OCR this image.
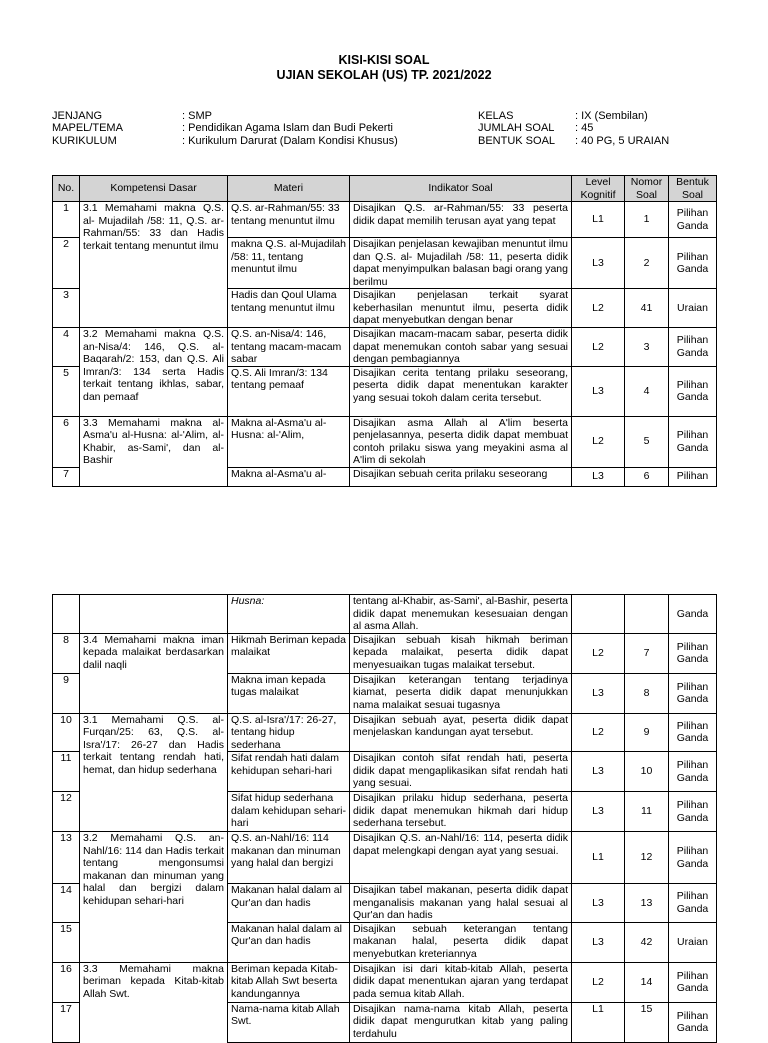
KISI-KISI SOAL
UJIAN SEKOLAH (US) TP. 2021/2022
JENJANG	: SMP
MAPEL/TEMA	: Pendidikan Agama Islam dan Budi Pekerti
KURIKULUM	: Kurikulum Darurat (Dalam Kondisi Khusus)
KELAS	: IX (Sembilan)
JUMLAH SOAL : 45
BENTUK SOAL : 40 PG, 5 URAIAN
No.	Kompetensi Dasar	Materi	Indikator Soal	Level Kognitif	Nomor Soal	Bentuk Soal
1	3.1 Memahami makna Q.S. al- Mujadilah /58: 11, Q.S. ar-Rahman/55: 33 dan Hadis terkait tentang menuntut ilmu	Q.S. ar-Rahman/55: 33 tentang menuntut ilmu	Disajikan Q.S. ar-Rahman/55: 33 peserta didik dapat memilih terusan ayat yang tepat	L1	1	Pilihan Ganda
2		makna Q.S. al-Mujadilah /58: 11, tentang menuntut ilmu	Disajikan penjelasan kewajiban menuntut ilmu dan Q.S. al- Mujadilah /58: 11, peserta didik dapat menyimpulkan balasan bagi orang yang berilmu	L3	2	Pilihan Ganda
3		Hadis dan Qoul Ulama tentang menuntut ilmu	Disajikan penjelasan terkait syarat keberhasilan menuntut ilmu, peserta didik dapat menyebutkan dengan benar	L2	41	Uraian
4	3.2 Memahami makna Q.S. an-Nisa/4: 146, Q.S. al-Baqarah/2: 153, dan Q.S. Ali Imran/3: 134 serta Hadis terkait tentang ikhlas, sabar, dan pemaaf	Q.S. an-Nisa/4: 146, tentang macam-macam sabar	Disajikan macam-macam sabar, peserta didik dapat menemukan contoh sabar yang sesuai dengan pembagiannya	L2	3	Pilihan Ganda
5		Q.S. Ali Imran/3: 134 tentang pemaaf	Disajikan cerita tentang prilaku seseorang, peserta didik dapat menentukan karakter yang sesuai tokoh dalam cerita tersebut.	L3	4	Pilihan Ganda
6	3.3 Memahami makna al-Asma'u al-Husna: al-'Alim, al-Khabir, as-Sami', dan al-Bashir	Makna al-Asma'u al-Husna: al-'Alim,	Disajikan asma Allah al A'lim beserta penjelasannya, peserta didik dapat membuat contoh prilaku siswa yang meyakini asma al A'lim di sekolah	L2	5	Pilihan Ganda
7		Makna al-Asma'u al-	Disajikan sebuah cerita prilaku seseorang	L3	6	Pilihan
		Husna:	tentang al-Khabir, as-Sami', al-Bashir, peserta didik dapat menemukan kesesuaian dengan al asma Allah.			Ganda
8	3.4 Memahami makna iman kepada malaikat berdasarkan dalil naqli	Hikmah Beriman kepada malaikat	Disajikan sebuah kisah hikmah beriman kepada malaikat, peserta didik dapat menyesuaikan tugas malaikat tersebut.	L2	7	Pilihan Ganda
9		Makna iman kepada tugas malaikat	Disajikan keterangan tentang terjadinya kiamat, peserta didik dapat menunjukkan nama malaikat sesuai tugasnya	L3	8	Pilihan Ganda
10	3.1 Memahami Q.S. al-Furqan/25: 63, Q.S. al-Isra'/17: 26-27 dan Hadis terkait tentang rendah hati, hemat, dan hidup sederhana	Q.S. al-Isra'/17: 26-27, tentang hidup sederhana	Disajikan sebuah ayat, peserta didik dapat menjelaskan kandungan ayat tersebut.	L2	9	Pilihan Ganda
11		Sifat rendah hati dalam kehidupan sehari-hari	Disajikan contoh sifat rendah hati, peserta didik dapat mengaplikasikan sifat rendah hati yang sesuai.	L3	10	Pilihan Ganda
12		Sifat hidup sederhana dalam kehidupan sehari-hari	Disajikan prilaku hidup sederhana, peserta didik dapat menemukan hikmah dari hidup sederhana tersebut.	L3	11	Pilihan Ganda
13	3.2 Memahami Q.S. an-Nahl/16: 114 dan Hadis terkait tentang mengonsumsi makanan dan minuman yang halal dan bergizi dalam kehidupan sehari-hari	Q.S. an-Nahl/16: 114 makanan dan minuman yang halal dan bergizi	Disajikan Q.S. an-Nahl/16: 114, peserta didik dapat melengkapi dengan ayat yang sesuai.	L1	12	Pilihan Ganda
14		Makanan halal dalam al Qur'an dan hadis	Disajikan tabel makanan, peserta didik dapat menganalisis makanan yang halal sesuai al Qur'an dan hadis	L3	13	Pilihan Ganda
15		Makanan halal dalam al Qur'an dan hadis	Disajikan sebuah keterangan tentang makanan halal, peserta didik dapat menyebutkan kreteriannya	L3	42	Uraian
16	3.3 Memahami makna beriman kepada Kitab-kitab Allah Swt.	Beriman kepada Kitab-kitab Allah Swt beserta kandungannya	Disajikan isi dari kitab-kitab Allah, peserta didik dapat menentukan ajaran yang terdapat pada semua kitab Allah.	L2	14	Pilihan Ganda
17		Nama-nama kitab Allah Swt.	Disajikan nama-nama kitab Allah, peserta didik dapat mengurutkan kitab yang paling terdahulu	L1	15	Pilihan Ganda
